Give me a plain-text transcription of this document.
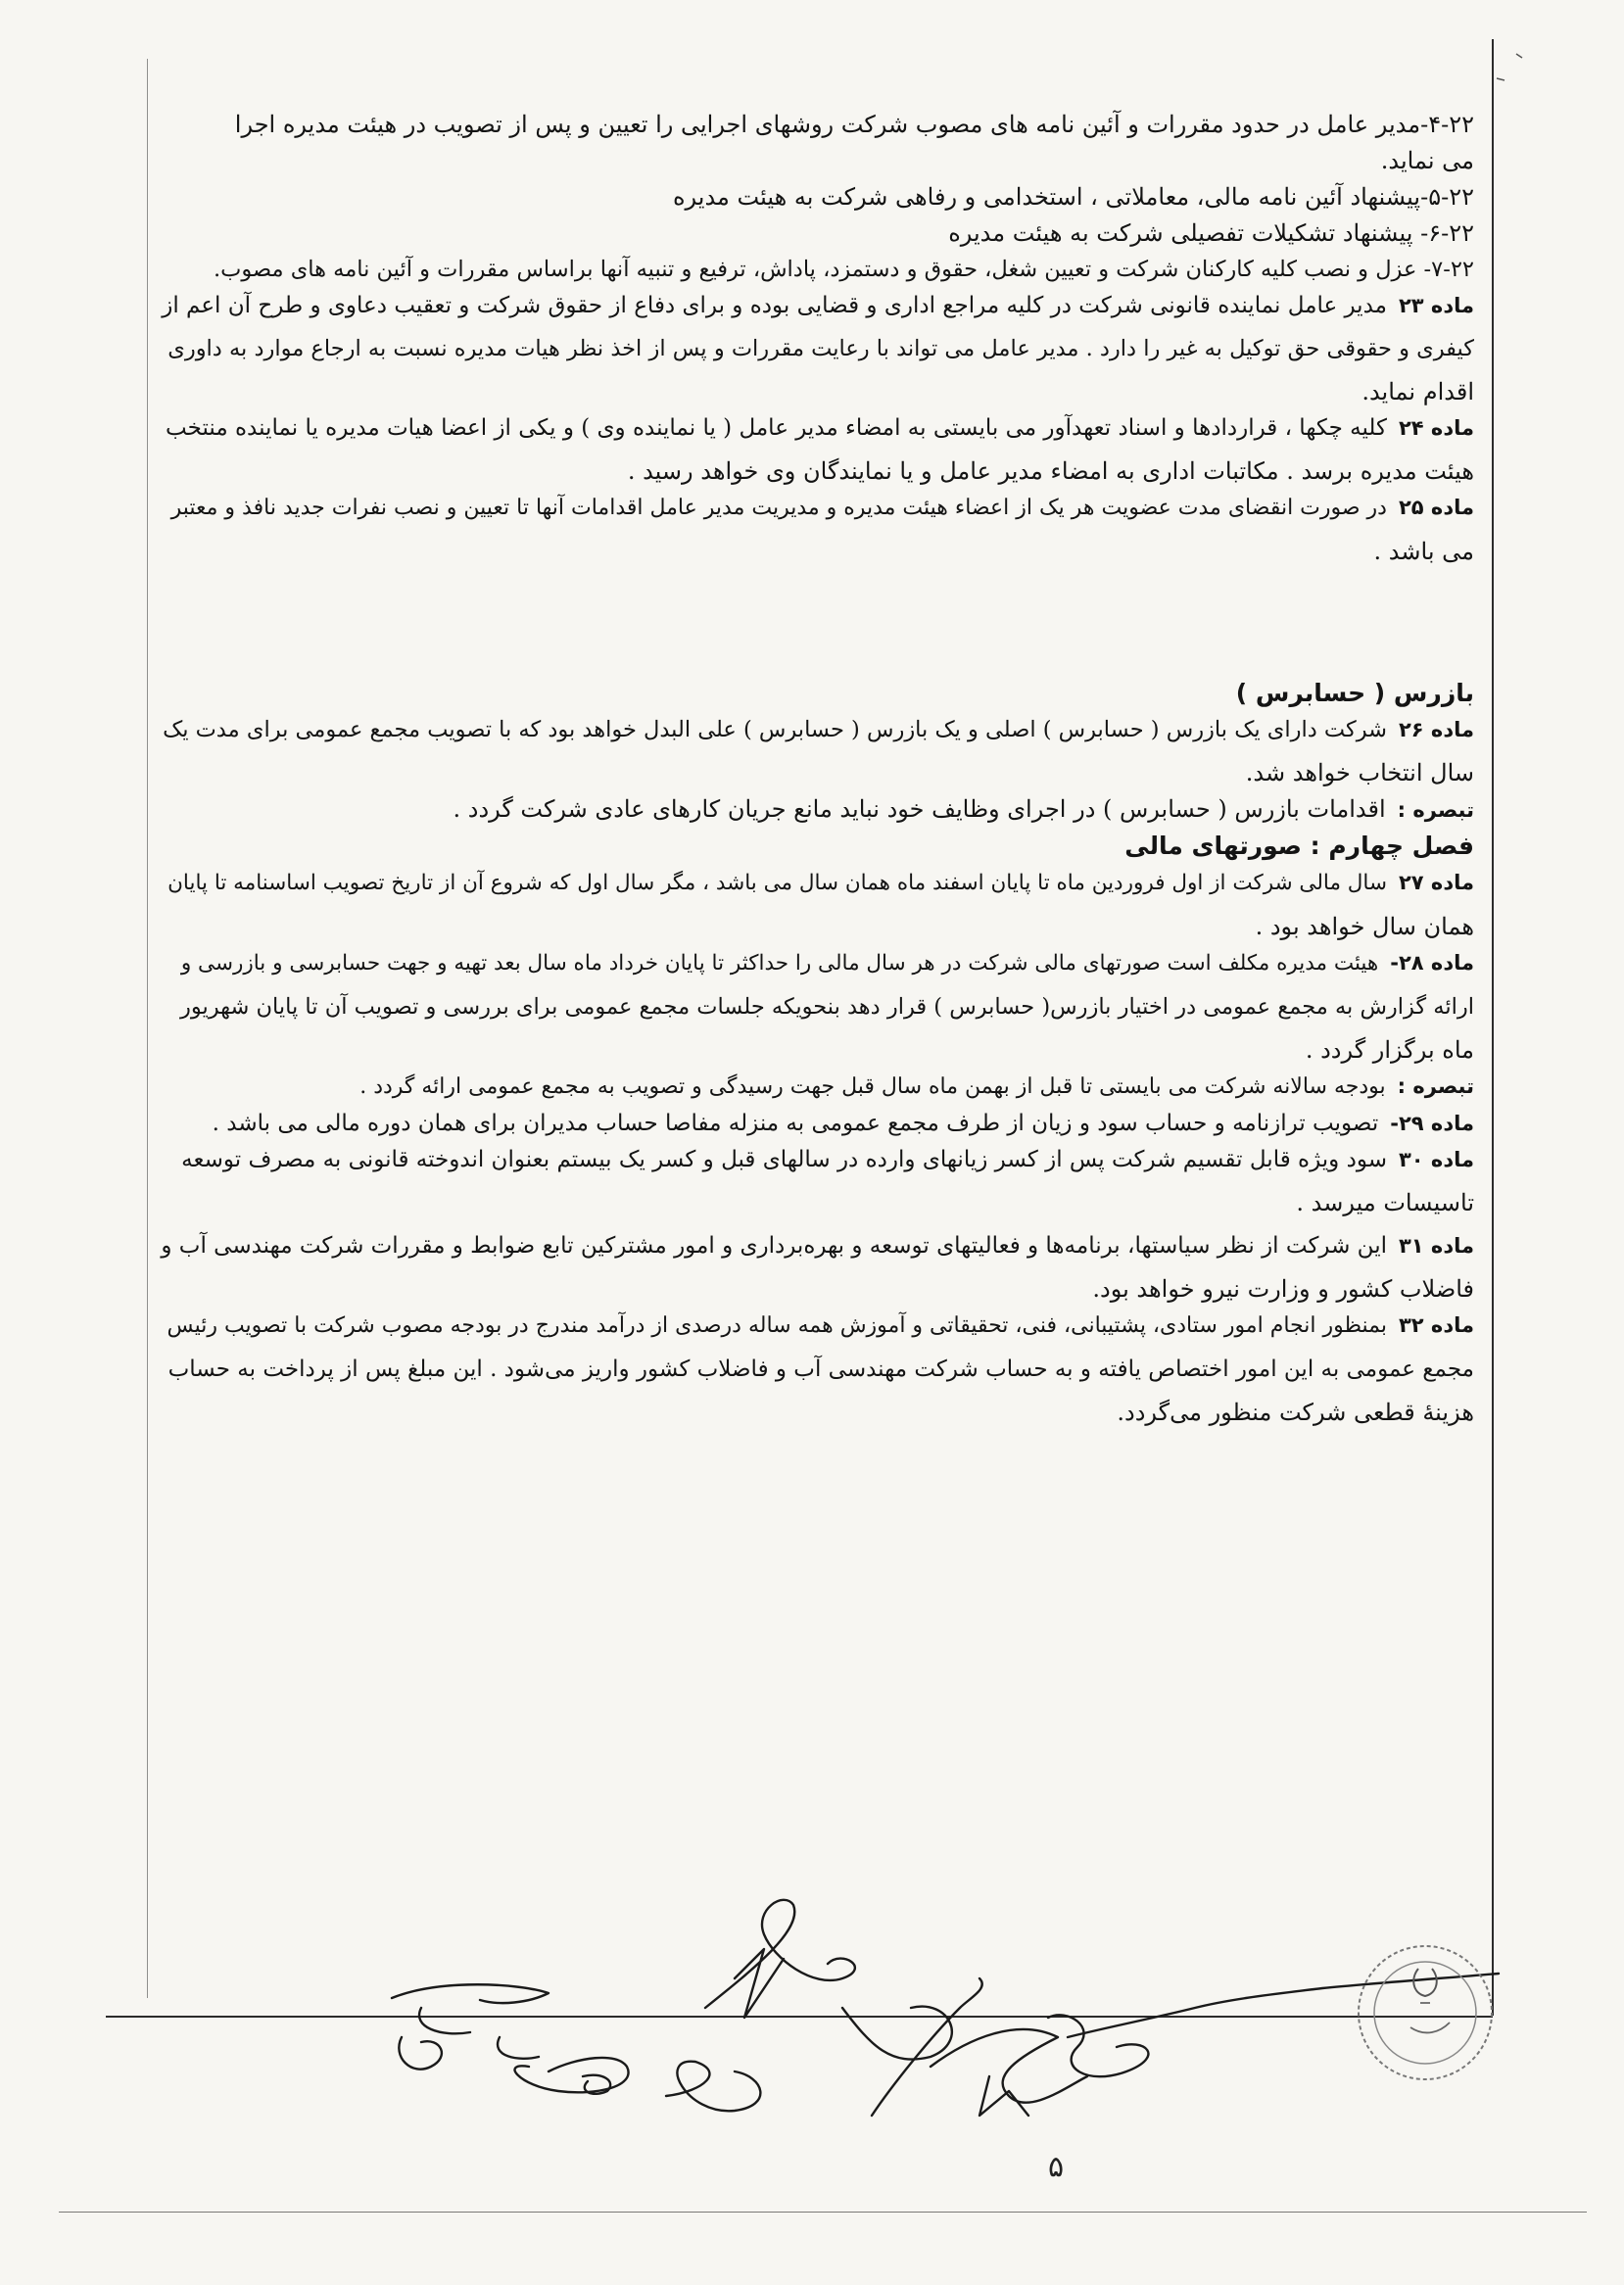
۴-۲۲-مدیر عامل در حدود مقررات و آئین نامه های مصوب شرکت روشهای اجرایی را تعیین و پس از تصویب در هیئت مدیره اجرا

می نماید.

۵-۲۲-پیشنهاد آئین نامه مالی، معاملاتی ، استخدامی و رفاهی شرکت به هیئت مدیره

۶-۲۲- پیشنهاد تشکیلات تفصیلی شرکت به هیئت مدیره

۷-۲۲- عزل و نصب کلیه کارکنان شرکت و تعیین شغل، حقوق و دستمزد، پاداش، ترفیع و تنبیه آنها براساس مقررات و آئین نامه های مصوب.

ماده ۲۳مدیر عامل نماینده قانونی شرکت در کلیه مراجع اداری و قضایی بوده و برای دفاع از حقوق شرکت و تعقیب دعاوی و طرح آن اعم از

کیفری و حقوقی حق توکیل به غیر را دارد . مدیر عامل می تواند با رعایت مقررات و پس از اخذ نظر هیات مدیره نسبت به ارجاع موارد به داوری

اقدام نماید.

ماده ۲۴کلیه چکها ، قراردادها و اسناد تعهدآور می بایستی به امضاء مدیر عامل ( یا نماینده وی ) و یکی از اعضا هیات مدیره یا نماینده منتخب

هیئت مدیره برسد . مکاتبات اداری به امضاء مدیر عامل و یا نمایندگان وی خواهد رسید .

ماده ۲۵در صورت انقضای مدت عضویت هر یک از اعضاء هیئت مدیره و مدیریت مدیر عامل اقدامات آنها تا تعیین و نصب نفرات جدید نافذ و معتبر

می باشد .

بازرس ( حسابرس )

ماده ۲۶شرکت دارای یک بازرس ( حسابرس ) اصلی و یک بازرس ( حسابرس ) علی البدل خواهد بود که با تصویب مجمع عمومی برای مدت یک

سال انتخاب خواهد شد.

تبصره :اقدامات بازرس ( حسابرس ) در اجرای وظایف خود نباید مانع جریان کارهای عادی شرکت گردد .

فصل چهارم : صورتهای مالی

ماده ۲۷سال مالی شرکت از اول فروردین ماه تا پایان اسفند ماه همان سال می باشد ، مگر سال اول که شروع آن از تاریخ تصویب اساسنامه تا پایان

همان سال خواهد بود .

ماده ۲۸-هیئت مدیره مکلف است صورتهای مالی شرکت در هر سال مالی را حداکثر تا پایان خرداد ماه سال بعد تهیه و جهت حسابرسی و بازرسی و

ارائه گزارش به مجمع عمومی در اختیار بازرس( حسابرس ) قرار دهد بنحویکه جلسات مجمع عمومی برای بررسی و تصویب آن تا پایان شهریور

ماه برگزار گردد .

تبصره :بودجه سالانه شرکت می بایستی تا قبل از بهمن ماه سال قبل جهت رسیدگی و تصویب به مجمع عمومی ارائه گردد .

ماده ۲۹-تصویب ترازنامه و حساب سود و زیان از طرف مجمع عمومی به منزله مفاصا حساب مدیران برای همان دوره مالی می باشد .

ماده ۳۰سود ویژه قابل تقسیم شرکت پس از کسر زیانهای وارده در سالهای قبل و کسر یک بیستم بعنوان اندوخته قانونی به مصرف توسعه

تاسیسات میرسد .

ماده ۳۱این شرکت از نظر سیاستها، برنامه‌ها و فعالیتهای توسعه و بهره‌برداری و امور مشترکین تابع ضوابط و مقررات شرکت مهندسی آب و

فاضلاب کشور و وزارت نیرو خواهد بود.

ماده ۳۲بمنظور انجام امور ستادی، پشتیبانی، فنی، تحقیقاتی و آموزش همه ساله درصدی از درآمد مندرج در بودجه مصوب شرکت با تصویب رئیس

مجمع عمومی به این امور اختصاص یافته و به حساب شرکت مهندسی آب و فاضلاب کشور واریز می‌شود . این مبلغ پس از پرداخت به حساب

هزینۀ قطعی شرکت منظور می‌گردد.

۵
